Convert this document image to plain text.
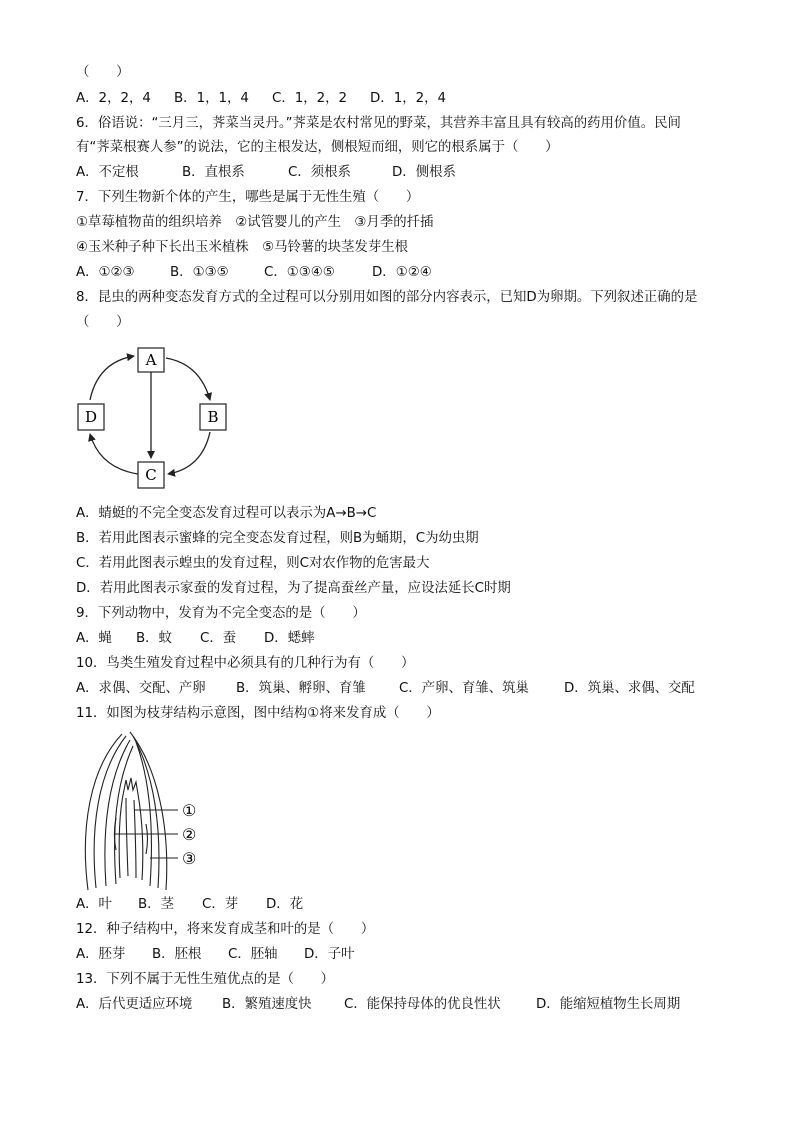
（　　）
A．2，2，4 B．1，1，4 C．1，2，2 D．1，2，4
6．俗语说：“三月三，荠菜当灵丹。”荠菜是农村常见的野菜，其营养丰富且具有较高的药用价值。民间
有“荠菜根赛人参”的说法，它的主根发达，侧根短而细，则它的根系属于（　　）
A．不定根	B．直根系	C．须根系	D．侧根系
7．下列生物新个体的产生，哪些是属于无性生殖（　　）
①草莓植物苗的组织培养　②试管婴儿的产生　③月季的扦插
④玉米种子种下长出玉米植株　⑤马铃薯的块茎发芽生根
A．①②③	B．①③⑤	C．①③④⑤	D．①②④
8．昆虫的两种变态发育方式的全过程可以分别用如图的部分内容表示，已知D为卵期。下列叙述正确的是
（　　）
A
B
C
D
A．蜻蜓的不完全变态发育过程可以表示为A→B→C
B．若用此图表示蜜蜂的完全变态发育过程，则B为蛹期，C为幼虫期
C．若用此图表示蝗虫的发育过程，则C对农作物的危害最大
D．若用此图表示家蚕的发育过程，为了提高蚕丝产量，应设法延长C时期
9．下列动物中，发育为不完全变态的是（　　）
A．蝇 B．蚊 C．蚕 D．蟋蟀
10．鸟类生殖发育过程中必须具有的几种行为有（　　）
A．求偶、交配、产卵 B．筑巢、孵卵、育雏 C．产卵、育雏、筑巢	D．筑巢、求偶、交配
11．如图为枝芽结构示意图，图中结构①将来发育成（　　）
①
②
③
A．叶 B．茎 C．芽 D．花
12．种子结构中，将来发育成茎和叶的是（　　）
A．胚芽 B．胚根 C．胚轴 D．子叶
13．下列不属于无性生殖优点的是（　　）
A．后代更适应环境 B．繁殖速度快 C．能保持母体的优良性状	D．能缩短植物生长周期
